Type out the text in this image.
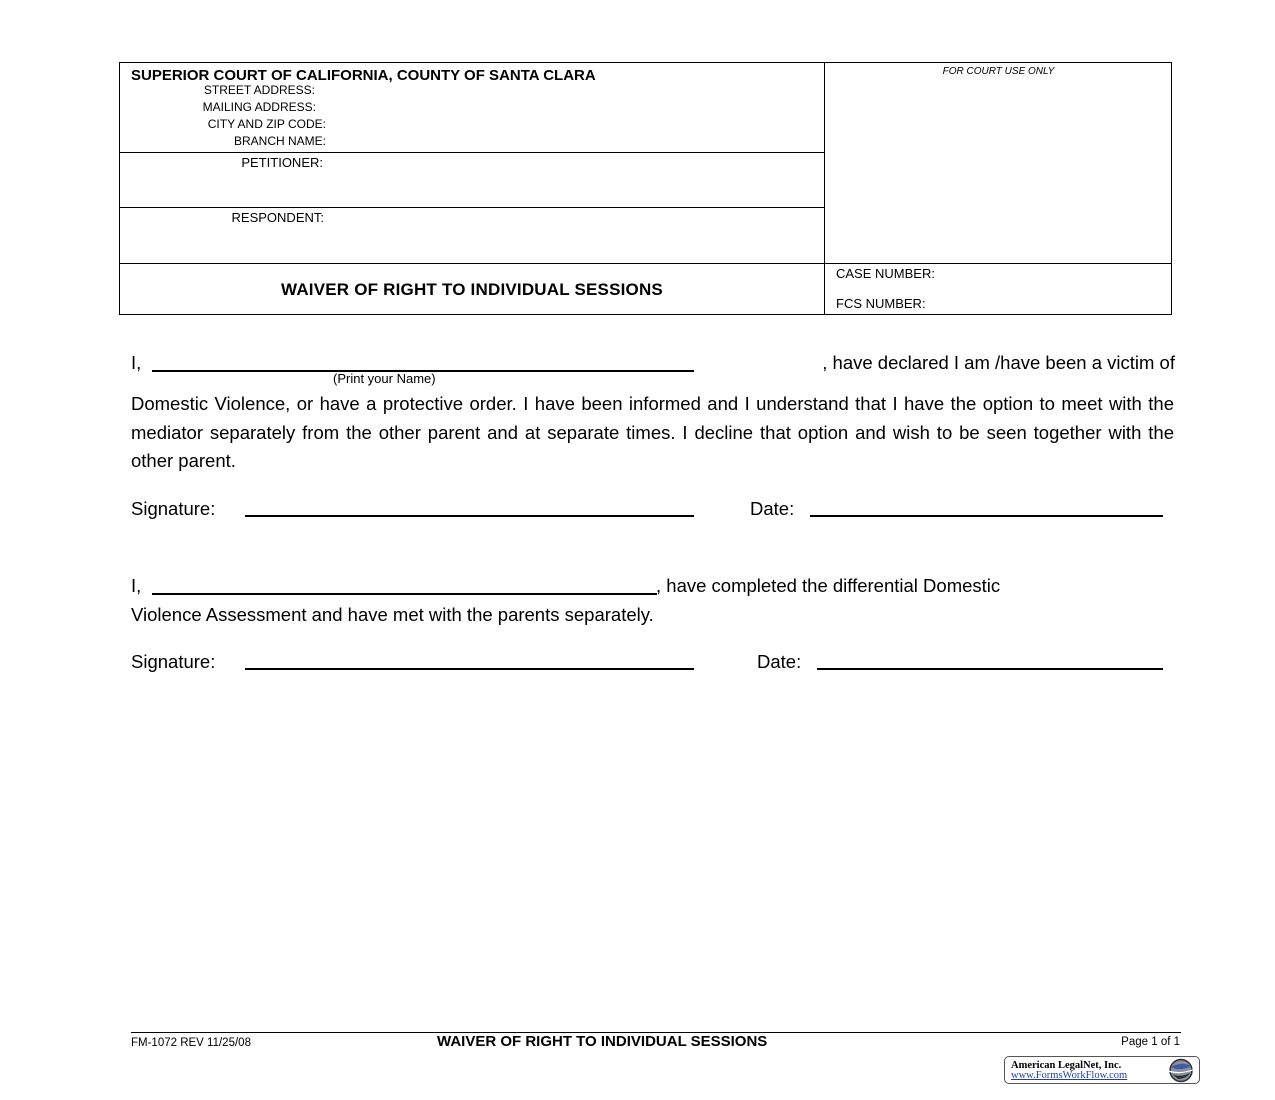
SUPERIOR COURT OF CALIFORNIA, COUNTY OF SANTA CLARA
STREET ADDRESS:
MAILING ADDRESS:
CITY AND ZIP CODE:
BRANCH NAME:
PETITIONER:
RESPONDENT:
FOR COURT USE ONLY
WAIVER OF RIGHT TO INDIVIDUAL SESSIONS
CASE NUMBER:
FCS NUMBER:
I,	, have declared I am /have been a victim of
(Print your Name)
Domestic Violence, or have a protective order. I have been informed and I understand that I have the option to meet with the mediator separately from the other parent and at separate times. I decline that option and wish to be seen together with the other parent.
Signature:	Date:
I,	, have completed the differential Domestic
Violence Assessment and have met with the parents separately.
Signature:	Date:
FM-1072 REV 11/25/08	WAIVER OF RIGHT TO INDIVIDUAL SESSIONS	Page 1 of 1
American LegalNet, Inc.
www.FormsWorkFlow.com
